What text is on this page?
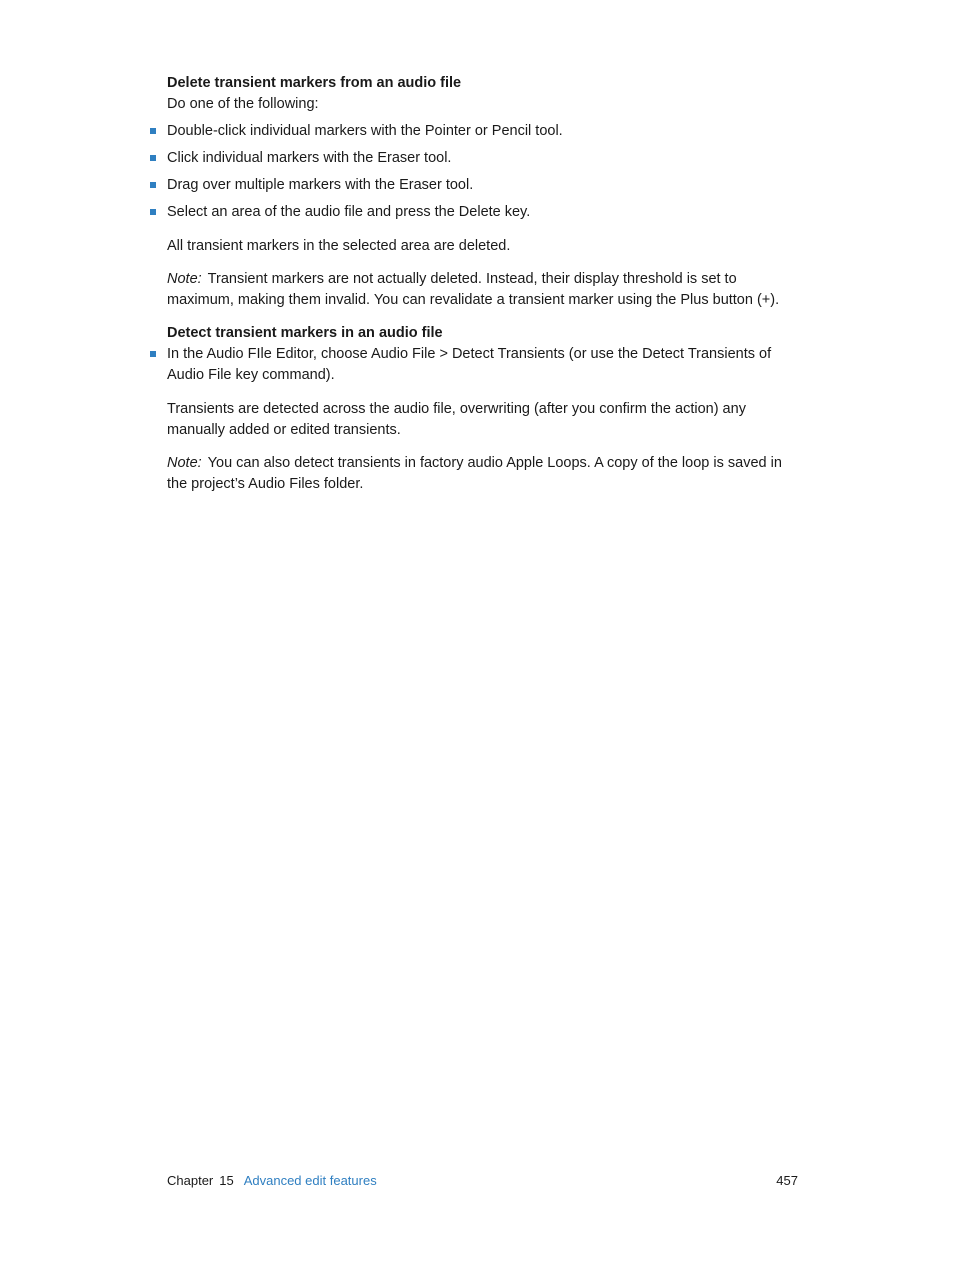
Delete transient markers from an audio file
Do one of the following:
Double-click individual markers with the Pointer or Pencil tool.
Click individual markers with the Eraser tool.
Drag over multiple markers with the Eraser tool.
Select an area of the audio file and press the Delete key.

All transient markers in the selected area are deleted.

Note: Transient markers are not actually deleted. Instead, their display threshold is set to maximum, making them invalid. You can revalidate a transient marker using the Plus button (+).

Detect transient markers in an audio file
In the Audio FIle Editor, choose Audio File > Detect Transients (or use the Detect Transients of Audio File key command).

Transients are detected across the audio file, overwriting (after you confirm the action) any manually added or edited transients.

Note: You can also detect transients in factory audio Apple Loops. A copy of the loop is saved in the project’s Audio Files folder.

Chapter 15 Advanced edit features	457
